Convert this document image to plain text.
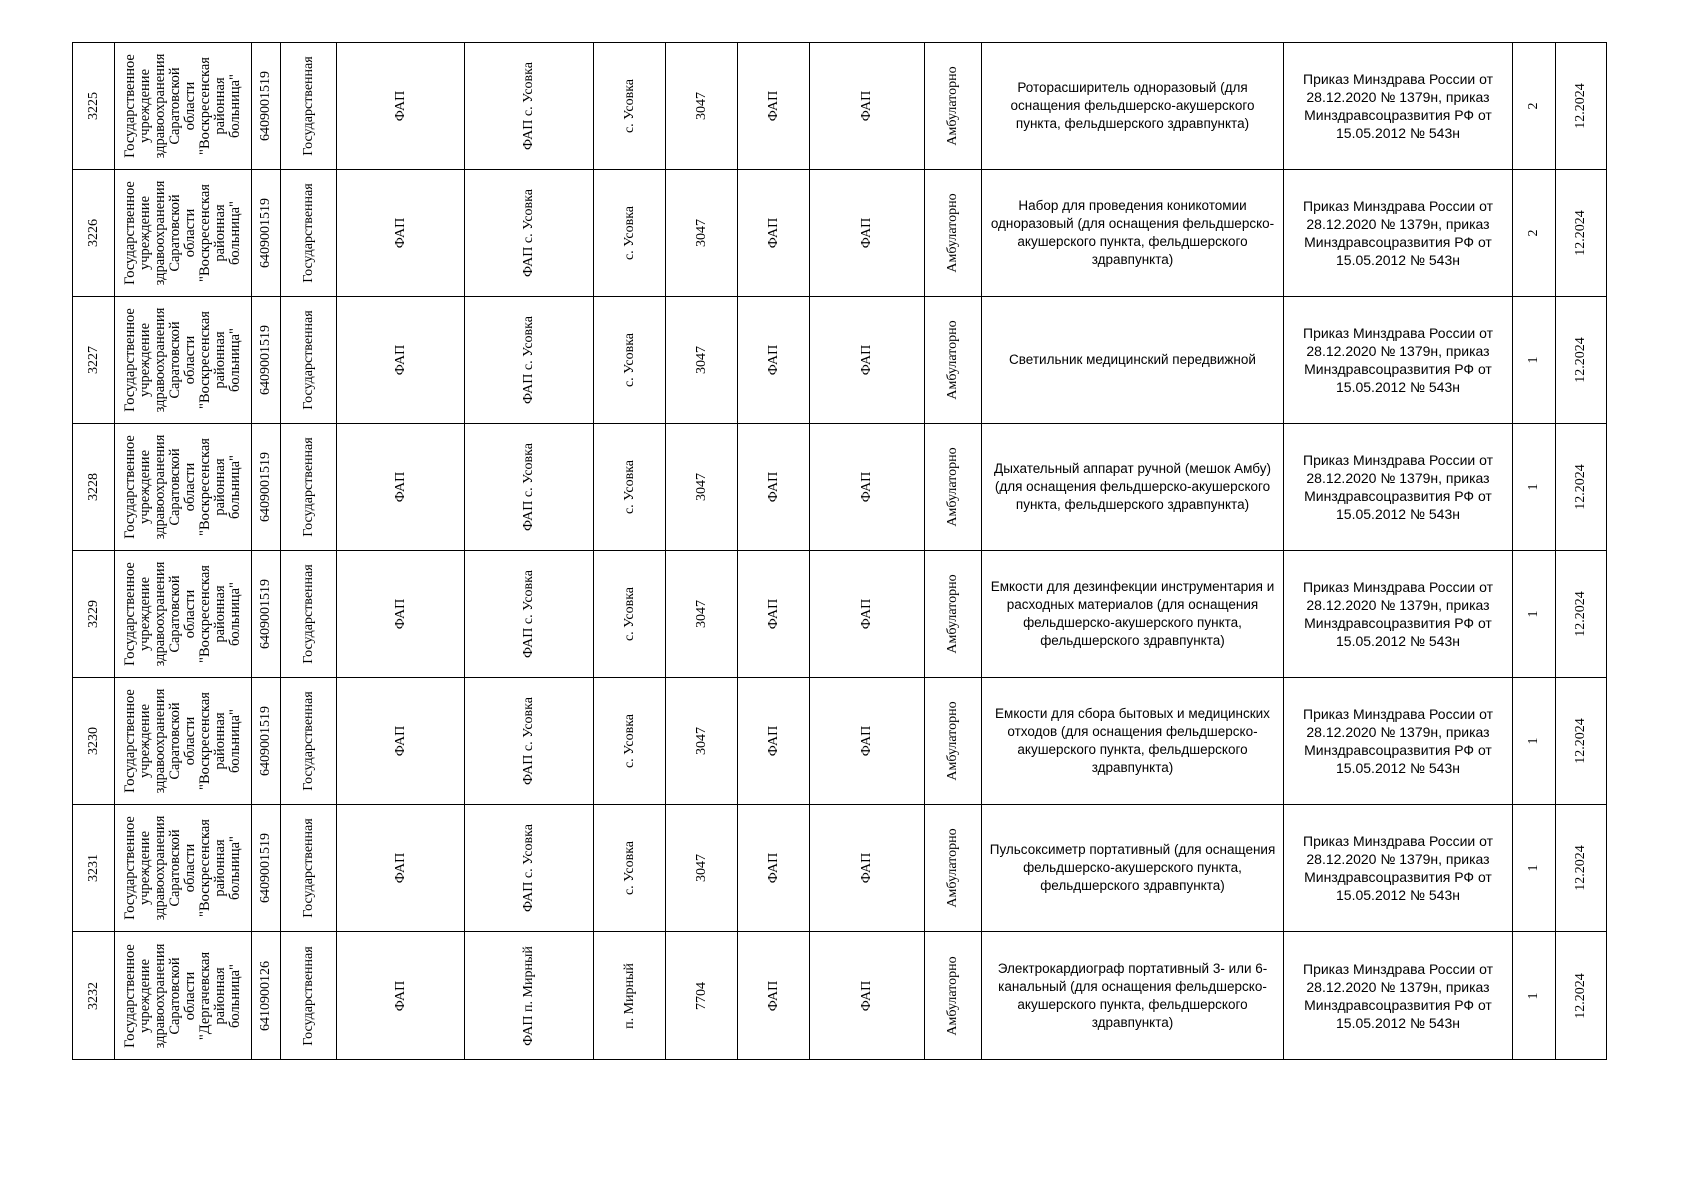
3225	Государственное учреждение здравоохранения Саратовской области "Воскресенская районная больница"	6409001519	Государственная	ФАП	ФАП с. Усовка	с. Усовка	3047	ФАП	ФАП	Амбулаторно	Роторасширитель одноразовый (для оснащения фельдшерско-акушерского пункта, фельдшерского здравпункта)	Приказ Минздрава России от 28.12.2020 № 1379н, приказ Минздравсоцразвития РФ от 15.05.2012 № 543н	2	12.2024

3226	Государственное учреждение здравоохранения Саратовской области "Воскресенская районная больница"	6409001519	Государственная	ФАП	ФАП с. Усовка	с. Усовка	3047	ФАП	ФАП	Амбулаторно	Набор для проведения коникотомии одноразовый (для оснащения фельдшерско-акушерского пункта, фельдшерского здравпункта)	Приказ Минздрава России от 28.12.2020 № 1379н, приказ Минздравсоцразвития РФ от 15.05.2012 № 543н	2	12.2024

3227	Государственное учреждение здравоохранения Саратовской области "Воскресенская районная больница"	6409001519	Государственная	ФАП	ФАП с. Усовка	с. Усовка	3047	ФАП	ФАП	Амбулаторно	Светильник медицинский передвижной	Приказ Минздрава России от 28.12.2020 № 1379н, приказ Минздравсоцразвития РФ от 15.05.2012 № 543н	1	12.2024

3228	Государственное учреждение здравоохранения Саратовской области "Воскресенская районная больница"	6409001519	Государственная	ФАП	ФАП с. Усовка	с. Усовка	3047	ФАП	ФАП	Амбулаторно	Дыхательный аппарат ручной (мешок Амбу) (для оснащения фельдшерско-акушерского пункта, фельдшерского здравпункта)	Приказ Минздрава России от 28.12.2020 № 1379н, приказ Минздравсоцразвития РФ от 15.05.2012 № 543н	1	12.2024

3229	Государственное учреждение здравоохранения Саратовской области "Воскресенская районная больница"	6409001519	Государственная	ФАП	ФАП с. Усовка	с. Усовка	3047	ФАП	ФАП	Амбулаторно	Емкости для дезинфекции инструментария и расходных материалов (для оснащения фельдшерско-акушерского пункта, фельдшерского здравпункта)	Приказ Минздрава России от 28.12.2020 № 1379н, приказ Минздравсоцразвития РФ от 15.05.2012 № 543н	1	12.2024

3230	Государственное учреждение здравоохранения Саратовской области "Воскресенская районная больница"	6409001519	Государственная	ФАП	ФАП с. Усовка	с. Усовка	3047	ФАП	ФАП	Амбулаторно	Емкости для сбора бытовых и медицинских отходов (для оснащения фельдшерско-акушерского пункта, фельдшерского здравпункта)	Приказ Минздрава России от 28.12.2020 № 1379н, приказ Минздравсоцразвития РФ от 15.05.2012 № 543н	1	12.2024

3231	Государственное учреждение здравоохранения Саратовской области "Воскресенская районная больница"	6409001519	Государственная	ФАП	ФАП с. Усовка	с. Усовка	3047	ФАП	ФАП	Амбулаторно	Пульсоксиметр портативный (для оснащения фельдшерско-акушерского пункта, фельдшерского здравпункта)	Приказ Минздрава России от 28.12.2020 № 1379н, приказ Минздравсоцразвития РФ от 15.05.2012 № 543н	1	12.2024

3232	Государственное учреждение здравоохранения Саратовской области "Дергачевская районная больница"	6410900126	Государственная	ФАП	ФАП п. Мирный	п. Мирный	7704	ФАП	ФАП	Амбулаторно	Электрокардиограф портативный 3- или 6-канальный (для оснащения фельдшерско-акушерского пункта, фельдшерского здравпункта)	Приказ Минздрава России от 28.12.2020 № 1379н, приказ Минздравсоцразвития РФ от 15.05.2012 № 543н	1	12.2024
